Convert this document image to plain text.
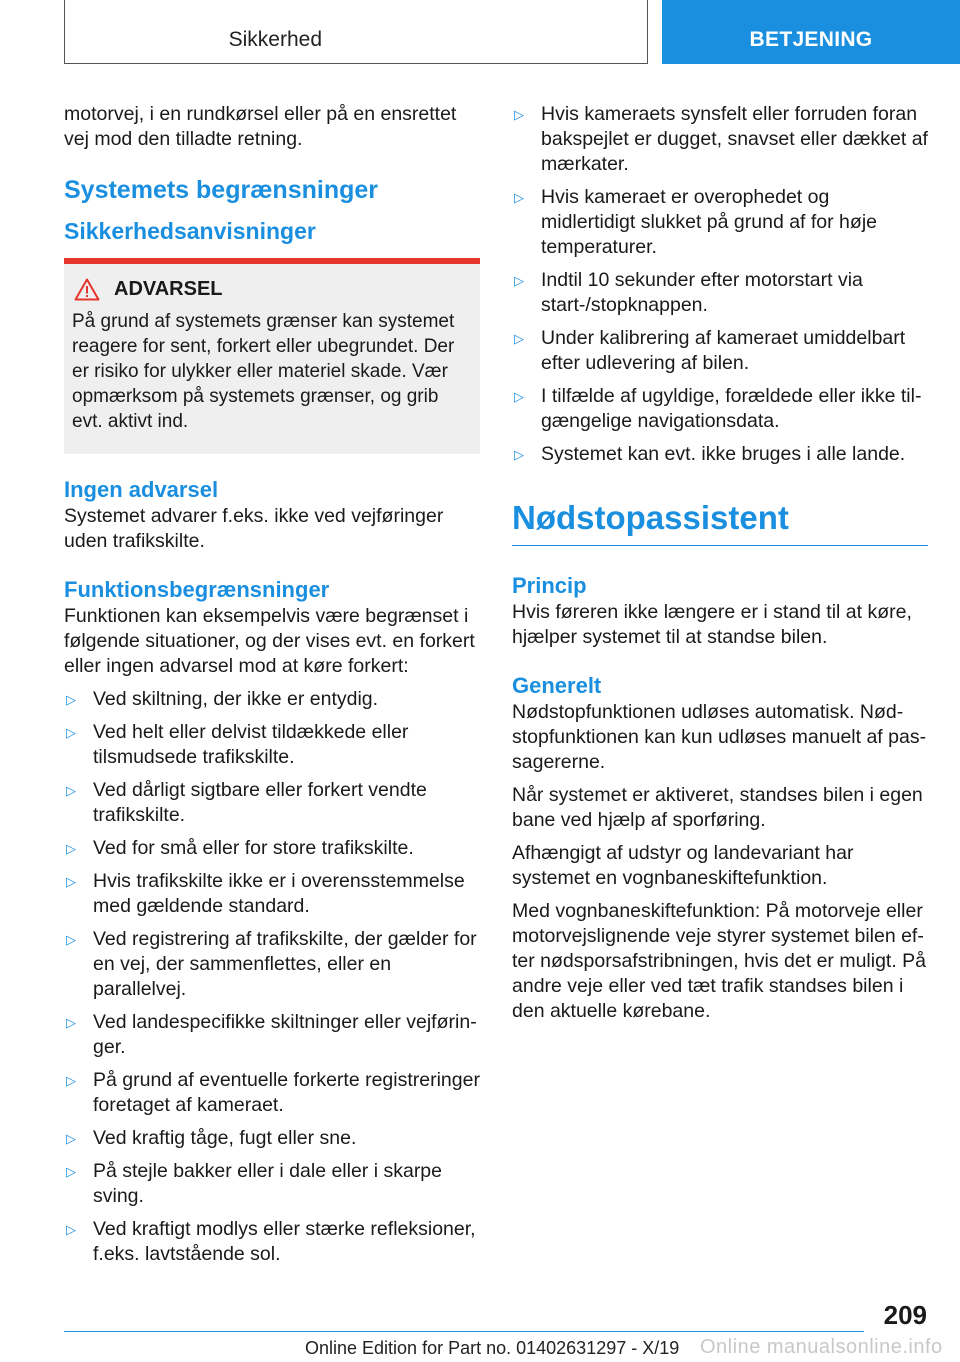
Sikkerhed	BETJENING

motorvej, i en rundkørsel eller på en ensrettet vej mod den tilladte retning.

Systemets begrænsninger
Sikkerhedsanvisninger
ADVARSEL

På grund af systemets grænser kan systemet reagere for sent, forkert eller ubegrundet. Der er risiko for ulykker eller materiel skade. Vær opmærksom på systemets grænser, og grib evt. aktivt ind.

Ingen advarsel

Systemet advarer f.eks. ikke ved vejføringer uden trafikskilte.

Funktionsbegrænsninger

Funktionen kan eksempelvis være begrænset i følgende situationer, og der vises evt. en forkert eller ingen advarsel mod at køre forkert:

▷ Ved skiltning, der ikke er entydig.
▷ Ved helt eller delvist tildækkede eller tilsmudsede trafikskilte.
▷ Ved dårligt sigtbare eller forkert vendte trafikskilte.
▷ Ved for små eller for store trafikskilte.
▷ Hvis trafikskilte ikke er i overensstemmelse med gældende standard.
▷ Ved registrering af trafikskilte, der gælder for en vej, der sammenflettes, eller en parallelvej.
▷ Ved landespecifikke skiltninger eller vejføringer.
▷ På grund af eventuelle forkerte registreringer foretaget af kameraet.
▷ Ved kraftig tåge, fugt eller sne.
▷ På stejle bakker eller i dale eller i skarpe sving.
▷ Ved kraftigt modlys eller stærke refleksioner, f.eks. lavtstående sol.
▷ Hvis kameraets synsfelt eller forruden foran bakspejlet er dugget, snavset eller dækket af mærkater.
▷ Hvis kameraet er overophedet og midlertidigt slukket på grund af for høje temperaturer.
▷ Indtil 10 sekunder efter motorstart via start-/stopknappen.
▷ Under kalibrering af kameraet umiddelbart efter udlevering af bilen.
▷ I tilfælde af ugyldige, forældede eller ikke tilgængelige navigationsdata.
▷ Systemet kan evt. ikke bruges i alle lande.
Nødstopassistent
Princip

Hvis føreren ikke længere er i stand til at køre, hjælper systemet til at standse bilen.

Generelt

Nødstopfunktionen udløses automatisk. Nødstopfunktionen kan kun udløses manuelt af passagererne.

Når systemet er aktiveret, standses bilen i egen bane ved hjælp af sporføring.

Afhængigt af udstyr og landevariant har systemet en vognbaneskiftefunktion.

Med vognbaneskiftefunktion: På motorveje eller motorvejslignende veje styrer systemet bilen efter nødsporsafstribningen, hvis det er muligt. På andre veje eller ved tæt trafik standses bilen i den aktuelle kørebane.

209
Online Edition for Part no. 01402631297 - X/19 Online manualsonline.info
